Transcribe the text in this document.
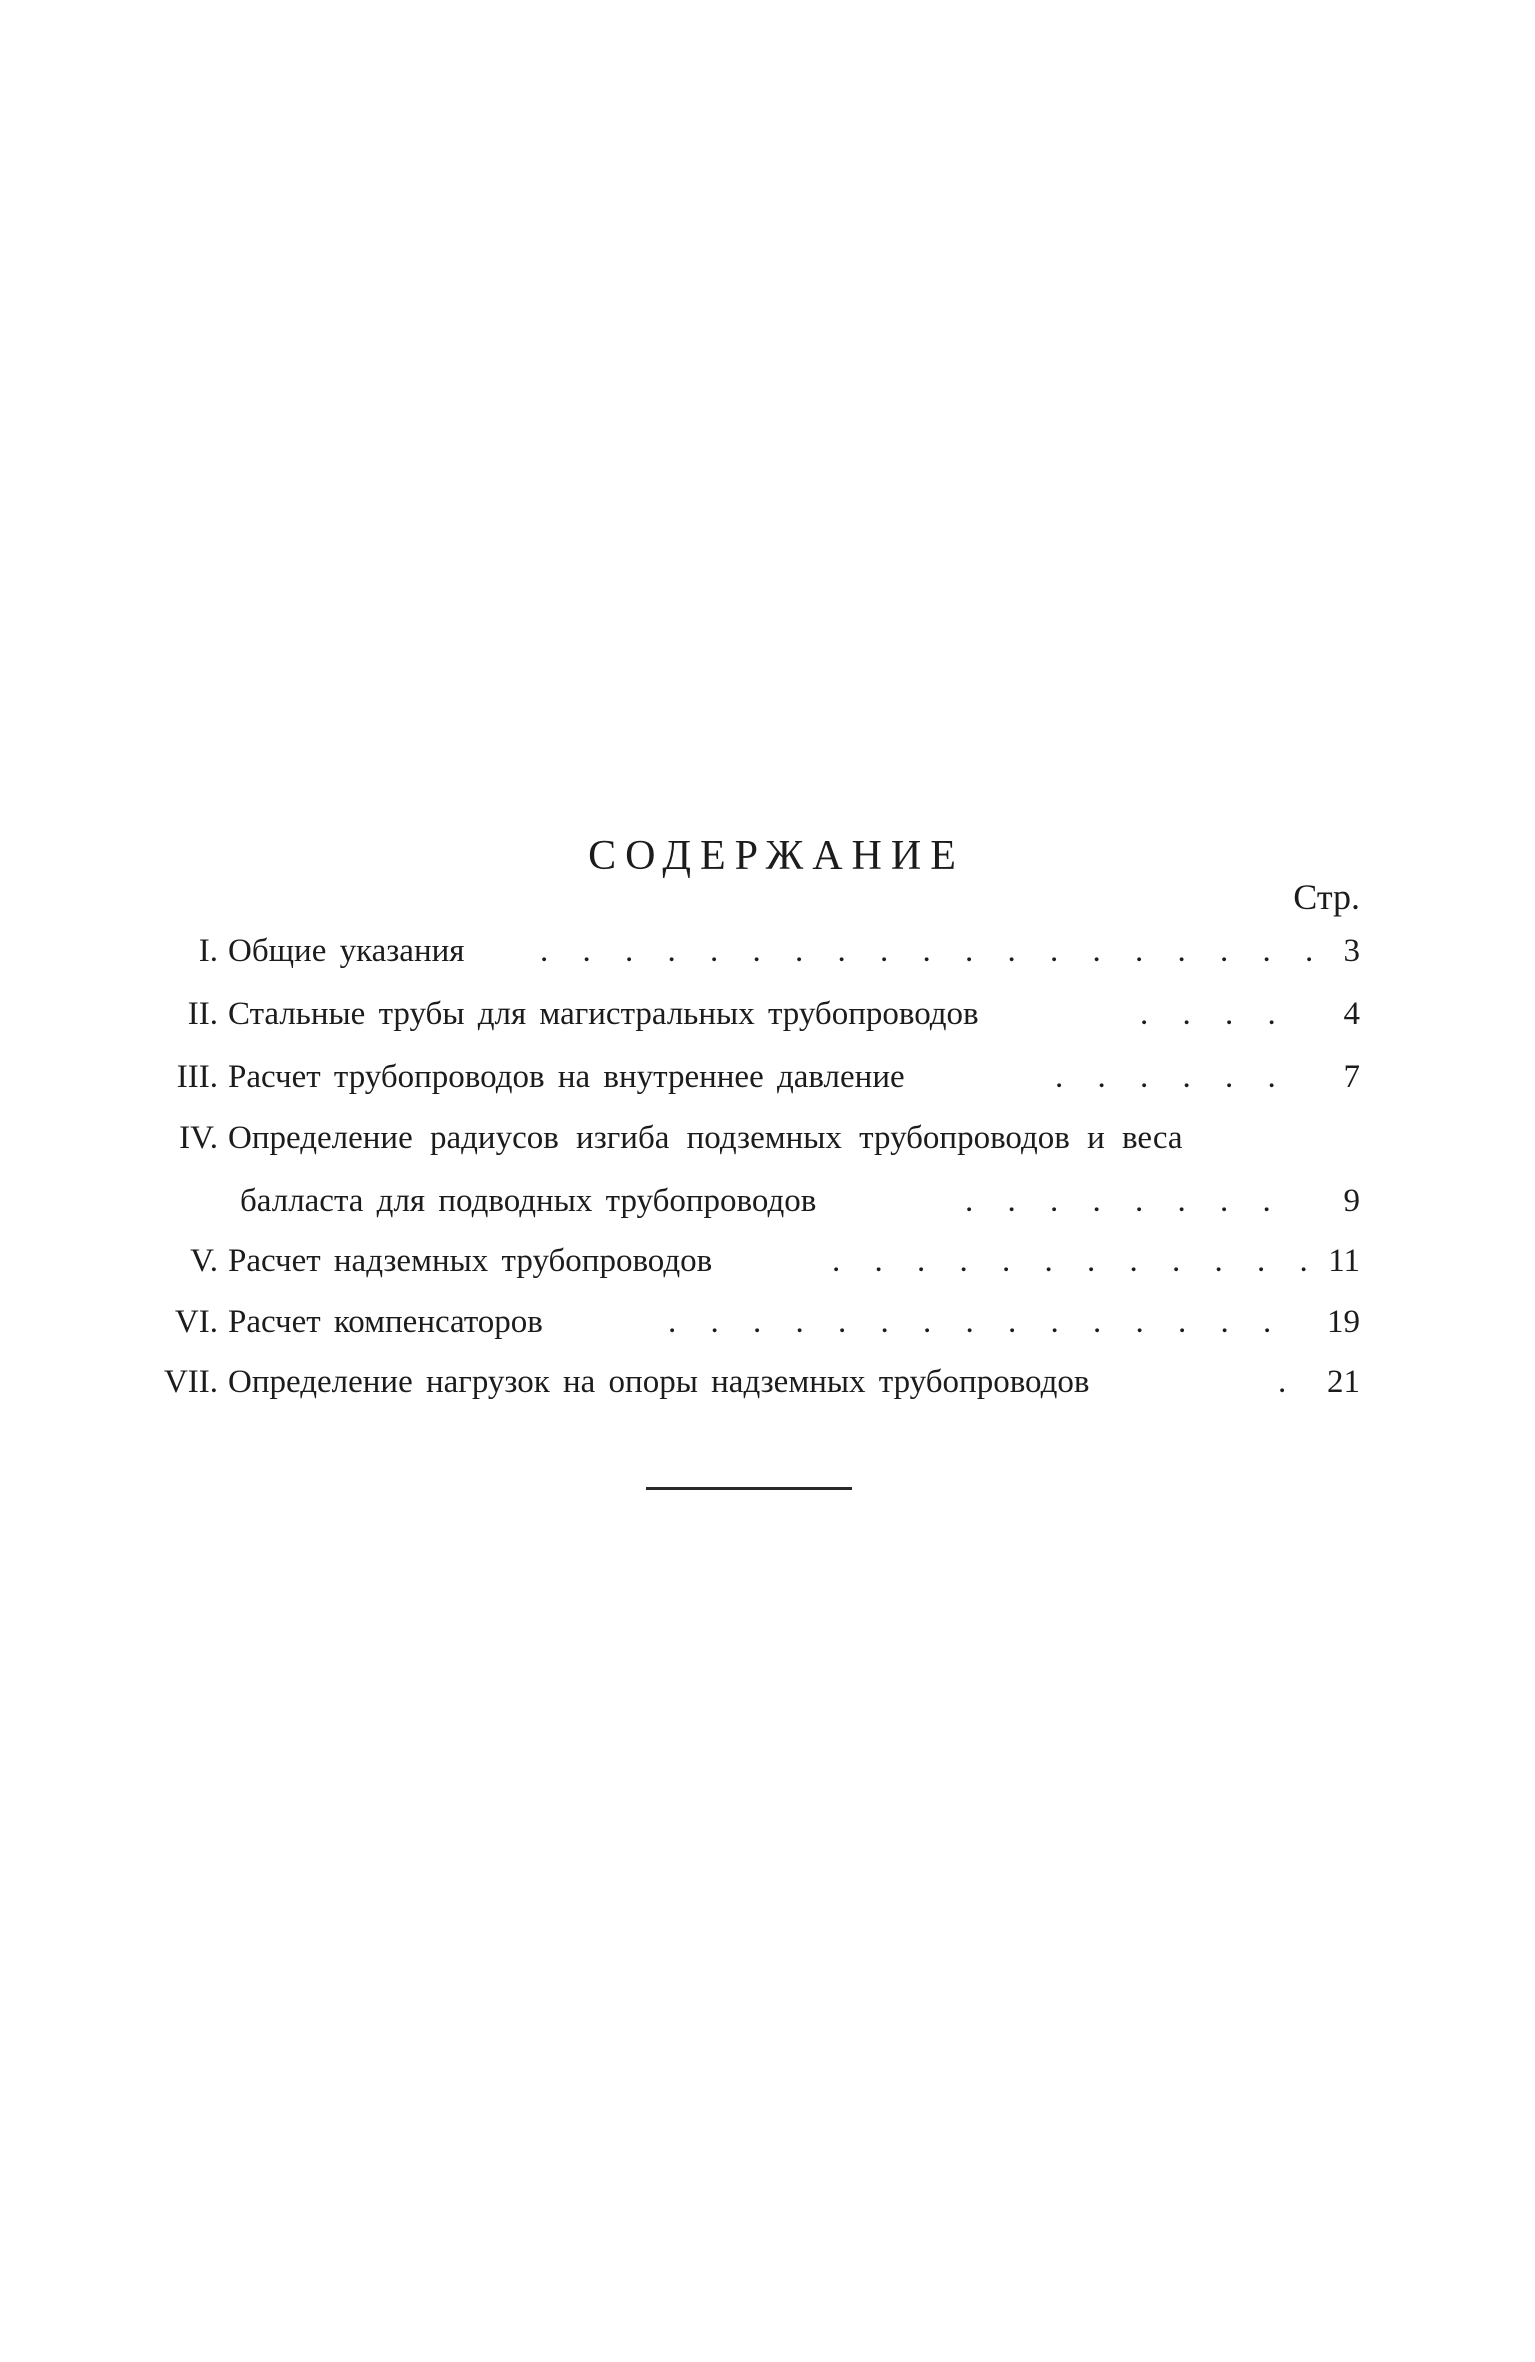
СОДЕРЖАНИЕ
Стр.
I. Общие указания . . . . . . . . . . . . . . . . . . . 3
II. Стальные трубы для магистральных трубопроводов	. . . .	4
III. Расчет трубопроводов на внутреннее давление	. . . . . .	7
IV. Определение радиусов изгиба подземных трубопроводов и веса
балласта для подводных трубопроводов	. . . . . . . .	9
V. Расчет надземных трубопроводов	. . . . . . . . . . . . 11
VI. Расчет компенсаторов	. . . . . . . . . . . . . . .	19
VII. Определение нагрузок на опоры надземных трубопроводов	. 21
